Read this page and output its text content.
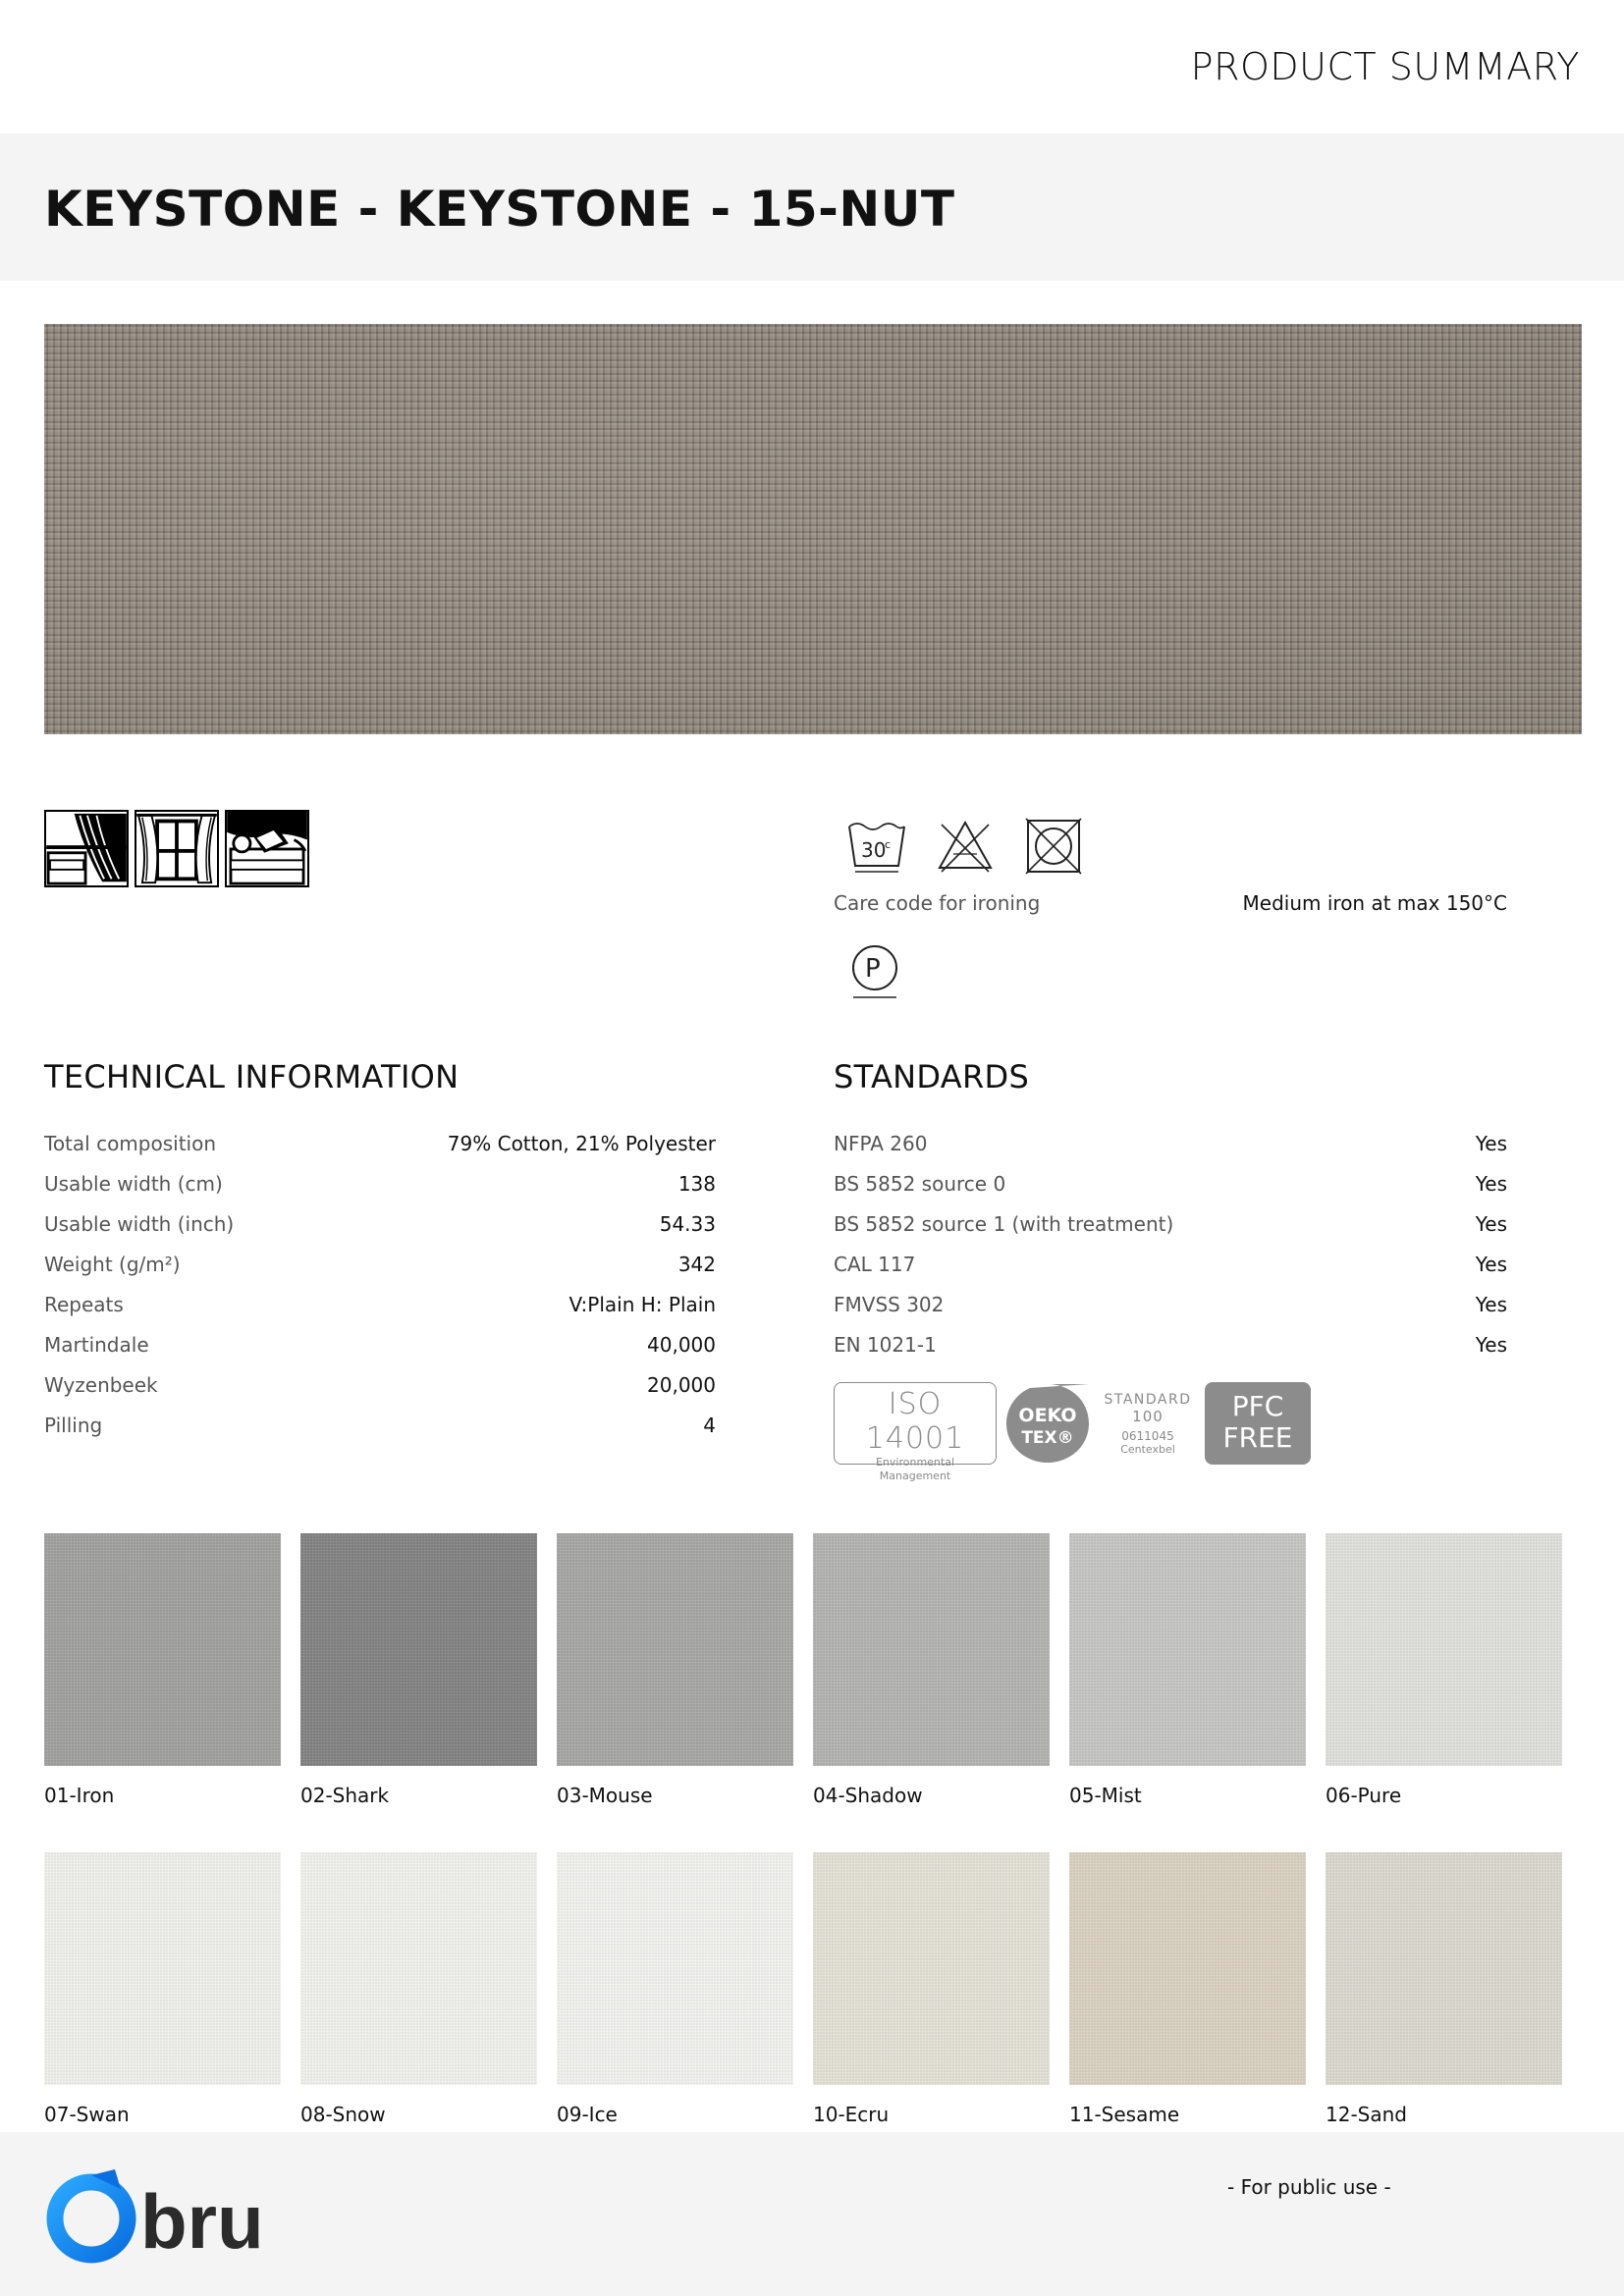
PRODUCT SUMMARY
KEYSTONE - KEYSTONE - 15-NUT
30
c
Care code for ironing	Medium iron at max 150°C
P
TECHNICAL INFORMATION	STANDARDS
Total composition	79% Cotton, 21% Polyester
Usable width (cm)	138
Usable width (inch)	54.33
Weight (g/m²)	342
Repeats	V:Plain H: Plain
Martindale	40,000
Wyzenbeek	20,000
Pilling	4
NFPA 260	Yes
BS 5852 source 0	Yes
BS 5852 source 1 (with treatment)	Yes
CAL 117	Yes
FMVSS 302	Yes
EN 1021-1	Yes
ISO 14001
Environmental
Management
OEKO
TEX®
STANDARD
100
0611045
Centexbel
PFC
FREE
01-Iron	02-Shark	03-Mouse	04-Shadow	05-Mist	06-Pure
07-Swan	08-Snow	09-Ice	10-Ecru	11-Sesame	12-Sand
bru	- For public use -
